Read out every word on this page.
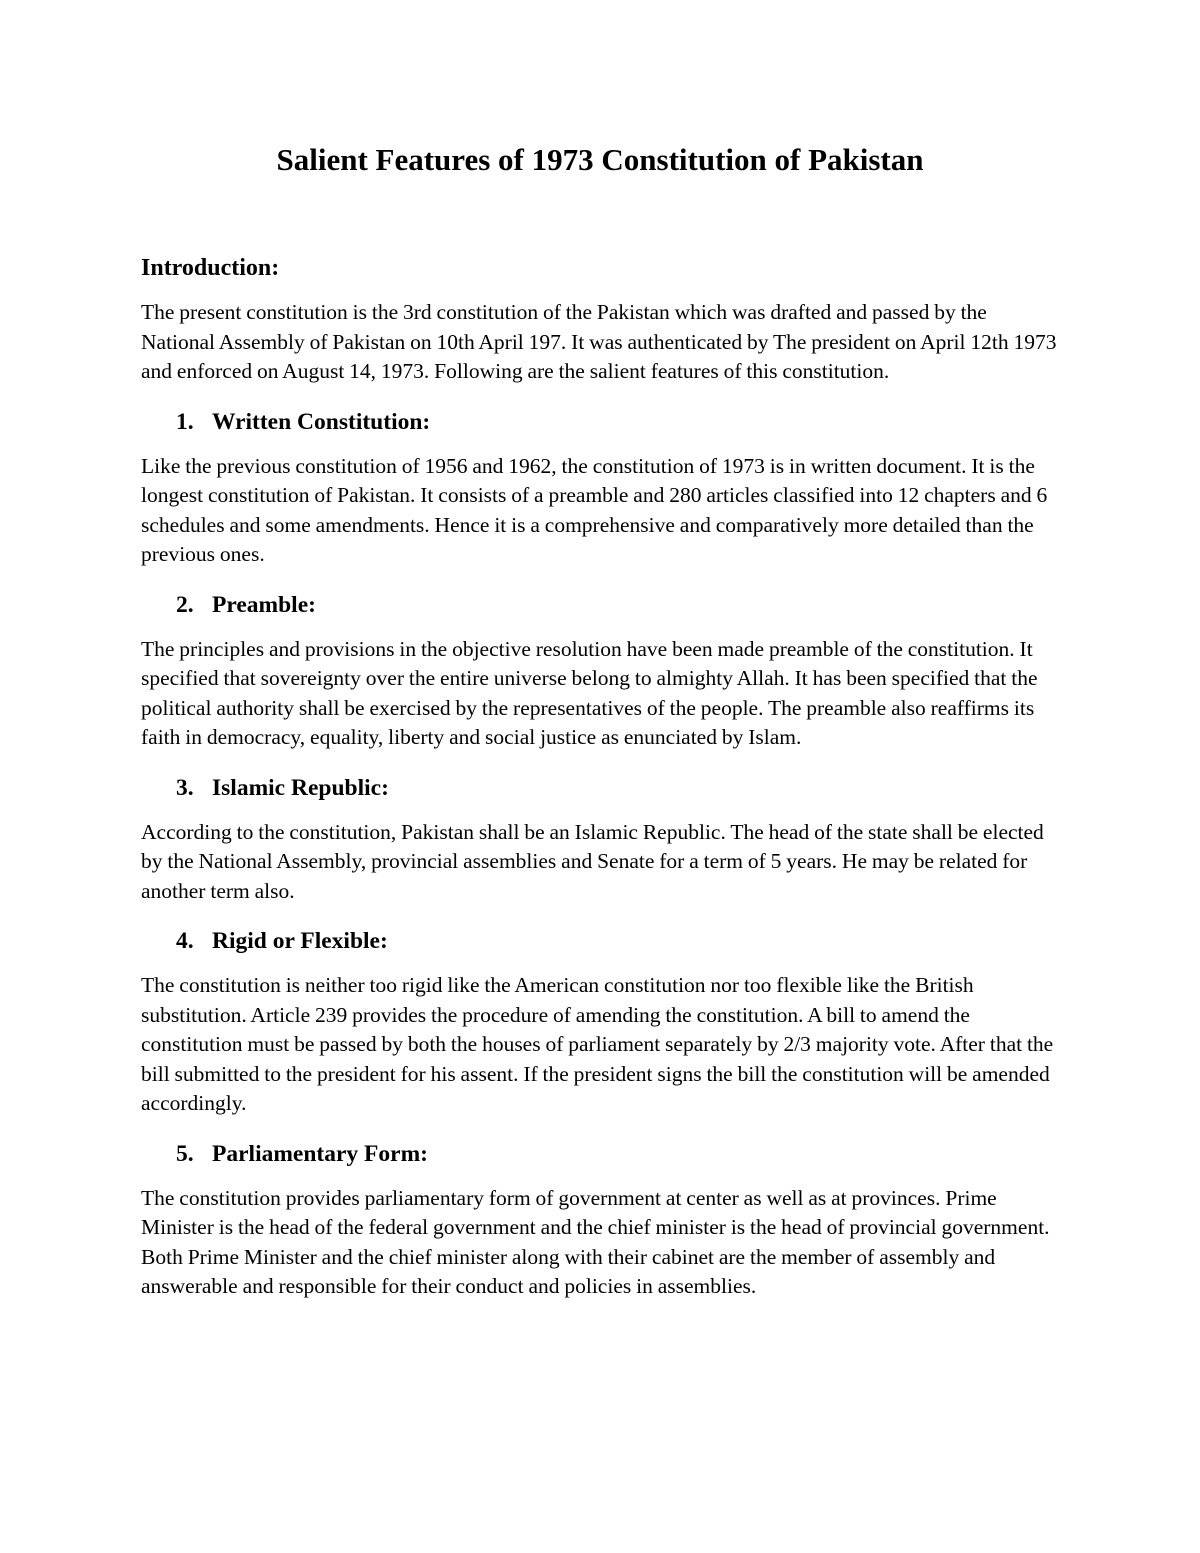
Salient Features of 1973 Constitution of Pakistan
Introduction:

The present constitution is the 3rd constitution of the Pakistan which was drafted and passed by the National Assembly of Pakistan on 10th April 197. It was authenticated by The president on April 12th 1973 and enforced on August 14, 1973. Following are the salient features of this constitution.

1. Written Constitution:

Like the previous constitution of 1956 and 1962, the constitution of 1973 is in written document. It is the longest constitution of Pakistan. It consists of a preamble and 280 articles classified into 12 chapters and 6 schedules and some amendments. Hence it is a comprehensive and comparatively more detailed than the previous ones.

2. Preamble:

The principles and provisions in the objective resolution have been made preamble of the constitution. It specified that sovereignty over the entire universe belong to almighty Allah. It has been specified that the political authority shall be exercised by the representatives of the people. The preamble also reaffirms its faith in democracy, equality, liberty and social justice as enunciated by Islam.

3. Islamic Republic:

According to the constitution, Pakistan shall be an Islamic Republic. The head of the state shall be elected by the National Assembly, provincial assemblies and Senate for a term of 5 years. He may be related for another term also.

4. Rigid or Flexible:

The constitution is neither too rigid like the American constitution nor too flexible like the British substitution. Article 239 provides the procedure of amending the constitution. A bill to amend the constitution must be passed by both the houses of parliament separately by 2/3 majority vote. After that the bill submitted to the president for his assent. If the president signs the bill the constitution will be amended accordingly.

5. Parliamentary Form:

The constitution provides parliamentary form of government at center as well as at provinces. Prime Minister is the head of the federal government and the chief minister is the head of provincial government. Both Prime Minister and the chief minister along with their cabinet are the member of assembly and answerable and responsible for their conduct and policies in assemblies.
